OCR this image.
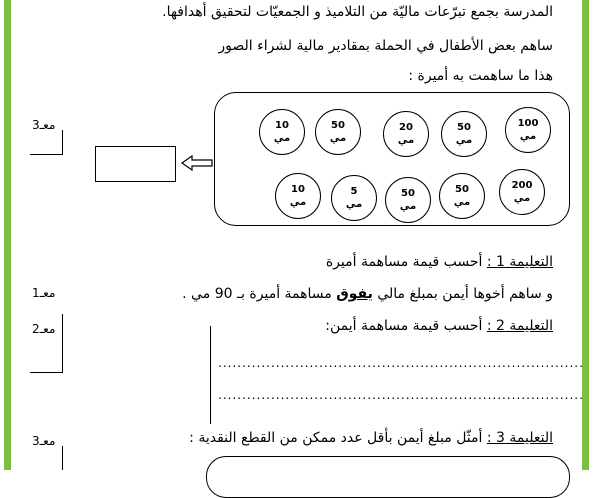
المدرسة بجمع تبرّعات ماليّة من التلاميذ و الجمعيّات لتحقيق أهدافها.
ساهم بعض الأطفال في الحملة بمقادير مالية لشراء الصور
هذا ما ساهمت به أميرة :
معـ3	100
مي
50
مي
20
مي
50
مي
10
مي
200
مي
50
مي
50
مي
5
مي
10
مي
التعليمة 1 : أحسب قيمة مساهمة أميرة
معـ1	و ساهم أخوها أيمن بمبلغ مالي يفوق مساهمة أميرة بـ 90 مي .
معـ2	التعليمة 2 : أحسب قيمة مساهمة أيمن:
............................................................................
............................................................................
معـ3	التعليمة 3 : أمثّل مبلغ أيمن بأقل عدد ممكن من القطع النقدية :
